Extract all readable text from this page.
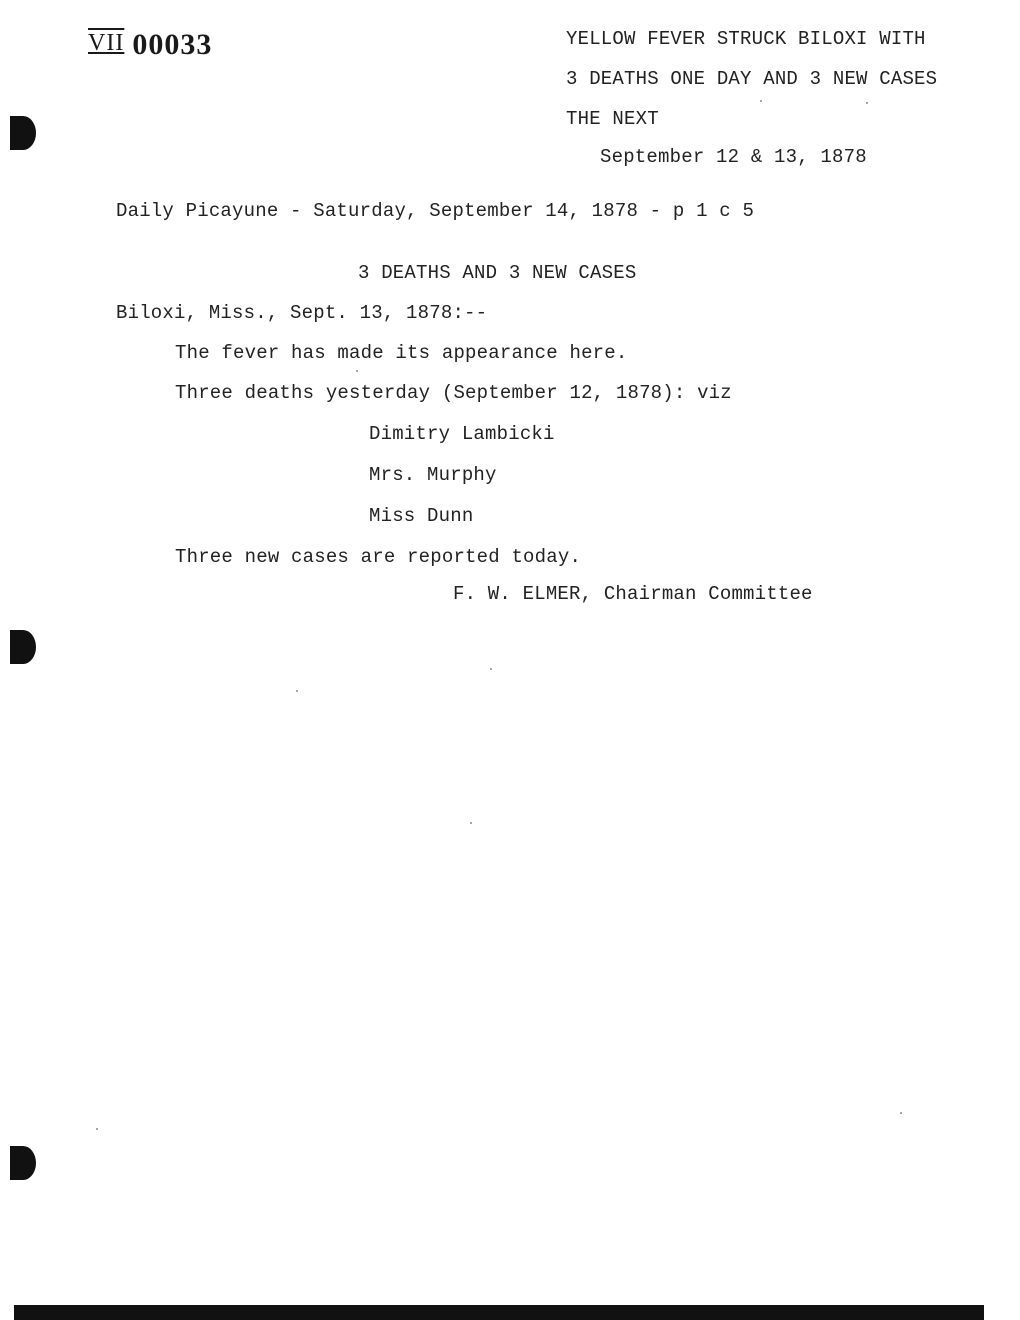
VII 00033	YELLOW FEVER STRUCK BILOXI WITH
3 DEATHS ONE DAY AND 3 NEW CASES
THE NEXT
September 12 & 13, 1878
Daily Picayune - Saturday, September 14, 1878 - p 1 c 5
3 DEATHS AND 3 NEW CASES
Biloxi, Miss., Sept. 13, 1878:--
The fever has made its appearance here.
Three deaths yesterday (September 12, 1878): viz
Dimitry Lambicki
Mrs. Murphy
Miss Dunn
Three new cases are reported today.
F. W. ELMER, Chairman Committee
